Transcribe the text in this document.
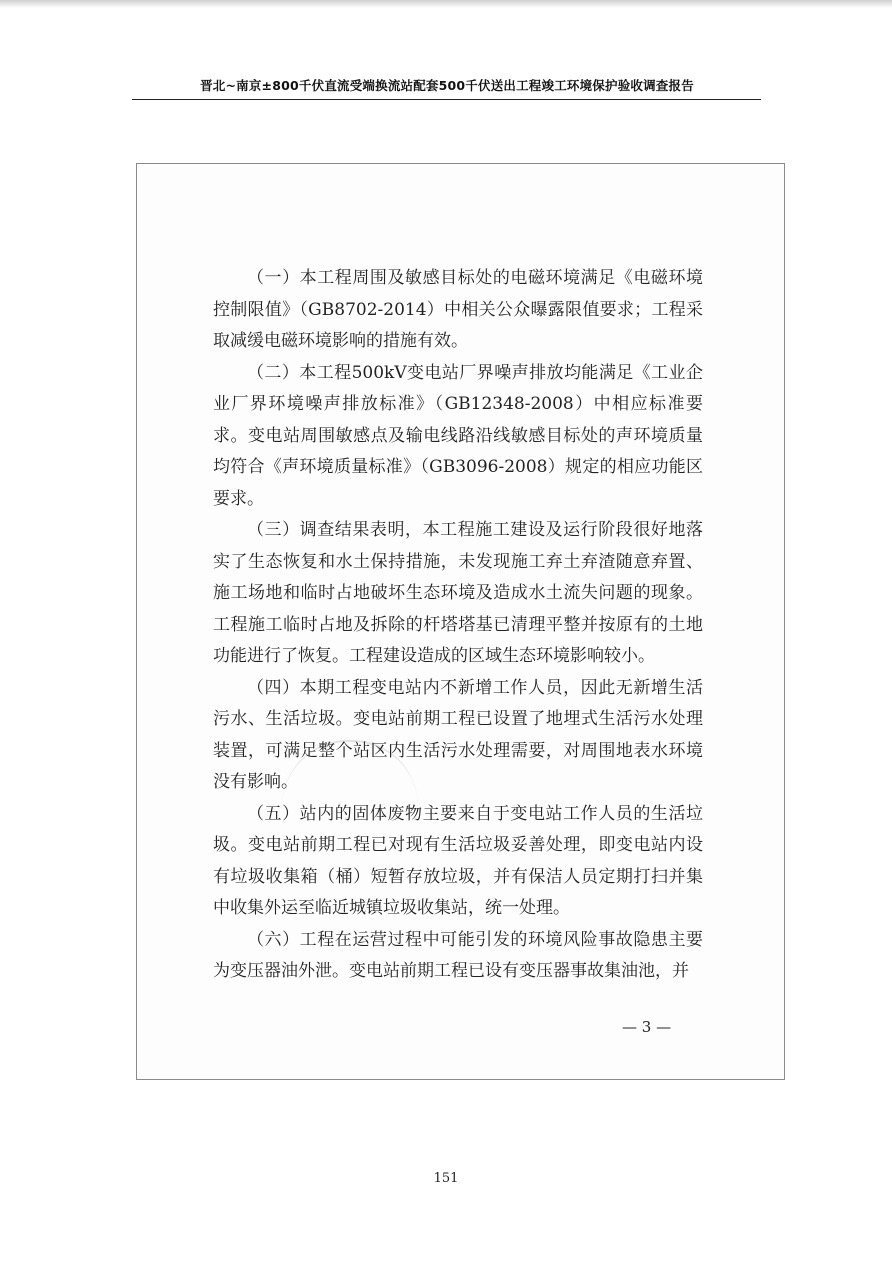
晋北~南京±800千伏直流受端换流站配套500千伏送出工程竣工环境保护验收调查报告

（一）本工程周围及敏感目标处的电磁环境满足《电磁环境控制限值》（GB8702-2014）中相关公众曝露限值要求；工程采取减缓电磁环境影响的措施有效。

（二）本工程500kV变电站厂界噪声排放均能满足《工业企业厂界环境噪声排放标准》（GB12348-2008）中相应标准要求。变电站周围敏感点及输电线路沿线敏感目标处的声环境质量均符合《声环境质量标准》（GB3096-2008）规定的相应功能区要求。

（三）调查结果表明，本工程施工建设及运行阶段很好地落实了生态恢复和水土保持措施，未发现施工弃土弃渣随意弃置、施工场地和临时占地破坏生态环境及造成水土流失问题的现象。工程施工临时占地及拆除的杆塔塔基已清理平整并按原有的土地功能进行了恢复。工程建设造成的区域生态环境影响较小。

（四）本期工程变电站内不新增工作人员，因此无新增生活污水、生活垃圾。变电站前期工程已设置了地埋式生活污水处理装置，可满足整个站区内生活污水处理需要，对周围地表水环境没有影响。

（五）站内的固体废物主要来自于变电站工作人员的生活垃圾。变电站前期工程已对现有生活垃圾妥善处理，即变电站内设有垃圾收集箱（桶）短暂存放垃圾，并有保洁人员定期打扫并集中收集外运至临近城镇垃圾收集站，统一处理。

（六）工程在运营过程中可能引发的环境风险事故隐患主要为变压器油外泄。变电站前期工程已设有变压器事故集油池，并

— 3 —
151
